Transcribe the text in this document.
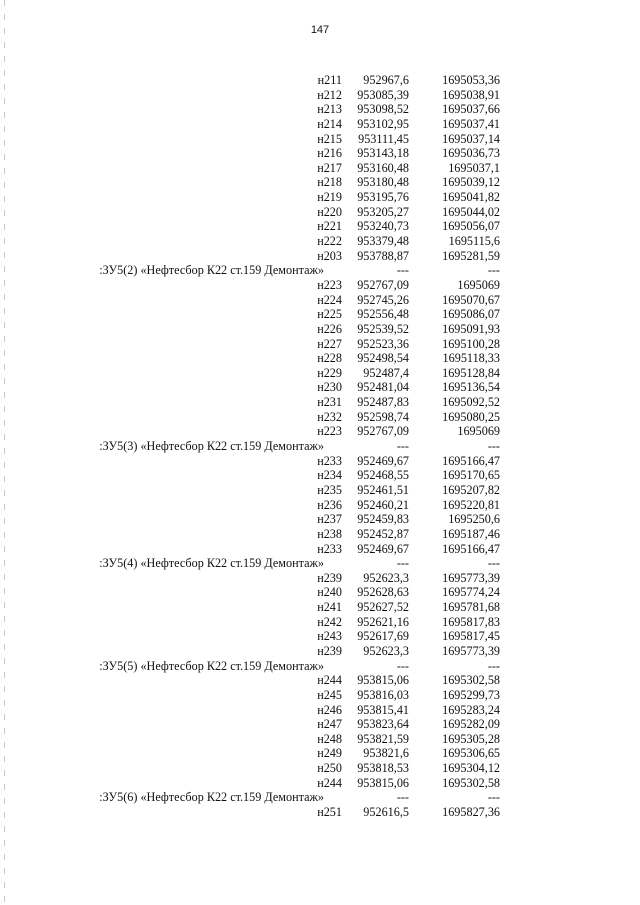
147
н211 952967,6	1695053,36
н212 953085,39	1695038,91
н213 953098,52	1695037,66
н214 953102,95	1695037,41
н215 953111,45	1695037,14
н216 953143,18	1695036,73
н217 953160,48	1695037,1
н218 953180,48	1695039,12
н219 953195,76	1695041,82
н220 953205,27	1695044,02
н221 953240,73	1695056,07
н222 953379,48	1695115,6
н203 953788,87	1695281,59
:ЗУ5(2) «Нефтесбор К22 ст.159 Демонтаж»	---	---
н223 952767,09	1695069
н224 952745,26	1695070,67
н225 952556,48	1695086,07
н226 952539,52	1695091,93
н227 952523,36	1695100,28
н228 952498,54	1695118,33
н229 952487,4	1695128,84
н230 952481,04	1695136,54
н231 952487,83	1695092,52
н232 952598,74	1695080,25
н223 952767,09	1695069
:ЗУ5(3) «Нефтесбор К22 ст.159 Демонтаж»	---	---
н233 952469,67	1695166,47
н234 952468,55	1695170,65
н235 952461,51	1695207,82
н236 952460,21	1695220,81
н237 952459,83	1695250,6
н238 952452,87	1695187,46
н233 952469,67	1695166,47
:ЗУ5(4) «Нефтесбор К22 ст.159 Демонтаж»	---	---
н239 952623,3	1695773,39
н240 952628,63	1695774,24
н241 952627,52	1695781,68
н242 952621,16	1695817,83
н243 952617,69	1695817,45
н239 952623,3	1695773,39
:ЗУ5(5) «Нефтесбор К22 ст.159 Демонтаж»	---	---
н244 953815,06	1695302,58
н245 953816,03	1695299,73
н246 953815,41	1695283,24
н247 953823,64	1695282,09
н248 953821,59	1695305,28
н249 953821,6	1695306,65
н250 953818,53	1695304,12
н244 953815,06	1695302,58
:ЗУ5(6) «Нефтесбор К22 ст.159 Демонтаж»	---	---
н251 952616,5	1695827,36
